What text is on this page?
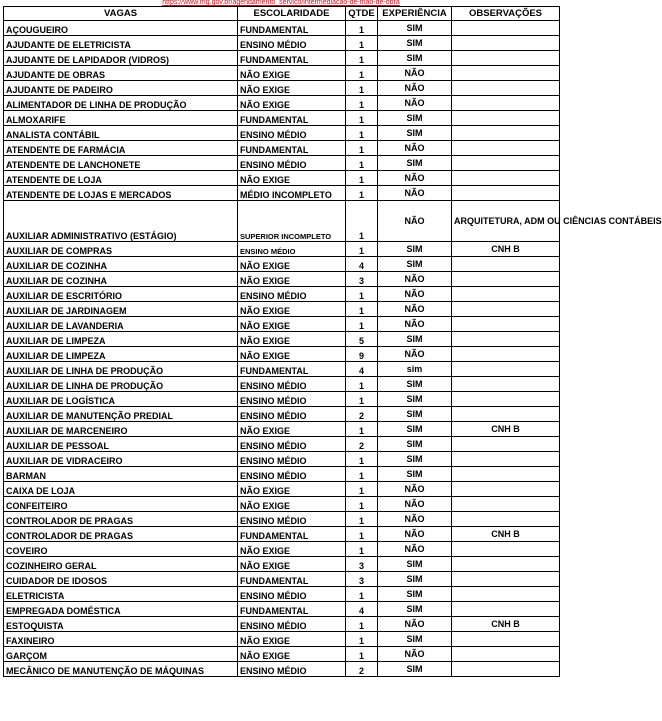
https://www.mg.gov.br/agendamento_servico/intermediacao-de-mao-de-obra
VAGAS	ESCOLARIDADE	QTDE	EXPERIÊNCIA	OBSERVAÇÕES
AÇOUGUEIRO	FUNDAMENTAL	1	SIM	
AJUDANTE DE ELETRICISTA	ENSINO MÉDIO	1	SIM	
AJUDANTE DE LAPIDADOR (VIDROS)	FUNDAMENTAL	1	SIM	
AJUDANTE DE OBRAS	NÃO EXIGE	1	NÃO	
AJUDANTE DE PADEIRO	NÃO EXIGE	1	NÃO	
ALIMENTADOR DE LINHA DE PRODUÇÃO	NÃO EXIGE	1	NÃO	
ALMOXARIFE	FUNDAMENTAL	1	SIM	
ANALISTA CONTÁBIL	ENSINO MÉDIO	1	SIM	
ATENDENTE DE FARMÁCIA	FUNDAMENTAL	1	NÃO	
ATENDENTE DE LANCHONETE	ENSINO MÉDIO	1	SIM	
ATENDENTE DE LOJA	NÃO EXIGE	1	NÃO	
ATENDENTE DE LOJAS E MERCADOS	MÉDIO INCOMPLETO	1	NÃO	
AUXILIAR ADMINISTRATIVO (ESTÁGIO)	SUPERIOR INCOMPLETO	1	NÃO	ARQUITETURA, ADM OU CIÊNCIAS CONTÁBEIS
AUXILIAR DE COMPRAS	ENSINO MÉDIO	1	SIM	CNH B
AUXILIAR DE COZINHA	NÃO EXIGE	4	SIM	
AUXILIAR DE COZINHA	NÃO EXIGE	3	NÃO	
AUXILIAR DE ESCRITÓRIO	ENSINO MÉDIO	1	NÃO	
AUXILIAR DE JARDINAGEM	NÃO EXIGE	1	NÃO	
AUXILIAR DE LAVANDERIA	NÃO EXIGE	1	NÃO	
AUXILIAR DE LIMPEZA	NÃO EXIGE	5	SIM	
AUXILIAR DE LIMPEZA	NÃO EXIGE	9	NÃO	
AUXILIAR DE LINHA DE PRODUÇÃO	FUNDAMENTAL	4	sim	
AUXILIAR DE LINHA DE PRODUÇÃO	ENSINO MÉDIO	1	SIM	
AUXILIAR DE LOGÍSTICA	ENSINO MÉDIO	1	SIM	
AUXILIAR DE MANUTENÇÃO PREDIAL	ENSINO MÉDIO	2	SIM	
AUXILIAR DE MARCENEIRO	NÃO EXIGE	1	SIM	CNH B
AUXILIAR DE PESSOAL	ENSINO MÉDIO	2	SIM	
AUXILIAR DE VIDRACEIRO	ENSINO MÉDIO	1	SIM	
BARMAN	ENSINO MÉDIO	1	SIM	
CAIXA DE LOJA	NÃO EXIGE	1	NÃO	
CONFEITEIRO	NÃO EXIGE	1	NÃO	
CONTROLADOR DE PRAGAS	ENSINO MÉDIO	1	NÃO	
CONTROLADOR DE PRAGAS	FUNDAMENTAL	1	NÃO	CNH B
COVEIRO	NÃO EXIGE	1	NÃO	
COZINHEIRO GERAL	NÃO EXIGE	3	SIM	
CUIDADOR DE IDOSOS	FUNDAMENTAL	3	SIM	
ELETRICISTA	ENSINO MÉDIO	1	SIM	
EMPREGADA DOMÉSTICA	FUNDAMENTAL	4	SIM	
ESTOQUISTA	ENSINO MÉDIO	1	NÃO	CNH B
FAXINEIRO	NÃO EXIGE	1	SIM	
GARÇOM	NÃO EXIGE	1	NÃO	
MECÂNICO DE MANUTENÇÃO DE MÁQUINAS	ENSINO MÉDIO	2	SIM	
